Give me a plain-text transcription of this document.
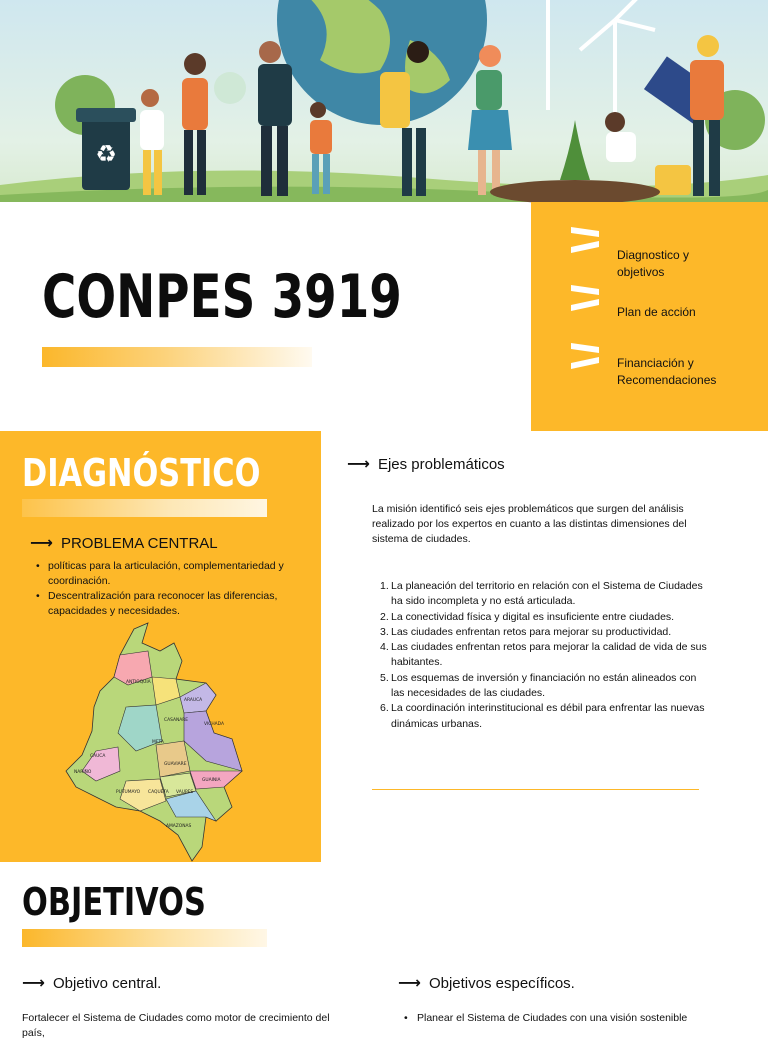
♻
CONPES 3919
Diagnostico y objetivos
Plan de acción
Financiación y Recomendaciones
DIAGNÓSTICO
⟶ PROBLEMA CENTRAL
• políticas para la articulación, complementariedad y coordinación.
• Descentralización para reconocer las diferencias, capacidades y necesidades.
ANTIOQUIA
ARAUCA
CASANARE
VICHADA
META
CAUCA
GUAVIARE
GUAINIA
CAQUETA VAUPES
AMAZONAS
NARIÑO
PUTUMAYO
⟶ Ejes problemáticos
La misión identificó seis ejes problemáticos que surgen del análisis realizado por los expertos en cuanto a las distintas dimensiones del sistema de ciudades.
1. La planeación del territorio en relación con el Sistema de Ciudades ha sido incompleta y no está articulada.
2. La conectividad física y digital es insuficiente entre ciudades.
3. Las ciudades enfrentan retos para mejorar su productividad.
4. Las ciudades enfrentan retos para mejorar la calidad de vida de sus habitantes.
5. Los esquemas de inversión y financiación no están alineados con las necesidades de las ciudades.
6. La coordinación interinstitucional es débil para enfrentar las nuevas dinámicas urbanas.
OBJETIVOS
⟶ Objetivo central.	⟶ Objetivos específicos.
Fortalecer el Sistema de Ciudades como motor de crecimiento del país,
• Planear el Sistema de Ciudades con una visión sostenible
